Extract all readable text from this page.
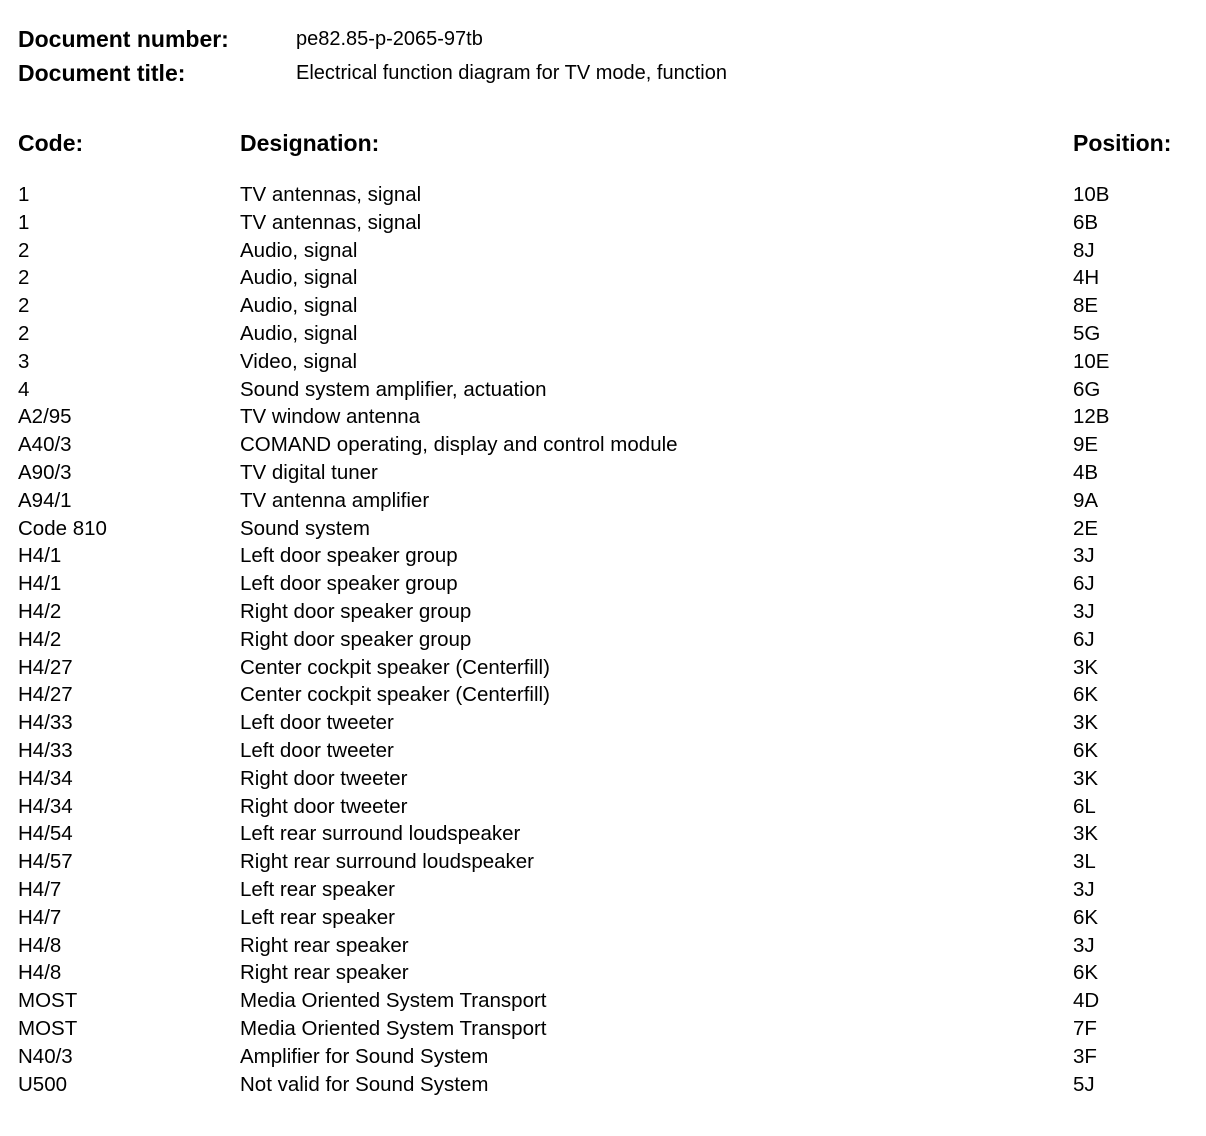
Document number:	pe82.85-p-2065-97tb
Document title:	Electrical function diagram for TV mode, function
Code:	Designation:	Position:
1	TV antennas, signal	10B
1	TV antennas, signal	6B
2	Audio, signal	8J
2	Audio, signal	4H
2	Audio, signal	8E
2	Audio, signal	5G
3	Video, signal	10E
4	Sound system amplifier, actuation	6G
A2/95	TV window antenna	12B
A40/3	COMAND operating, display and control module	9E
A90/3	TV digital tuner	4B
A94/1	TV antenna amplifier	9A
Code 810	Sound system	2E
H4/1	Left door speaker group	3J
H4/1	Left door speaker group	6J
H4/2	Right door speaker group	3J
H4/2	Right door speaker group	6J
H4/27	Center cockpit speaker (Centerfill)	3K
H4/27	Center cockpit speaker (Centerfill)	6K
H4/33	Left door tweeter	3K
H4/33	Left door tweeter	6K
H4/34	Right door tweeter	3K
H4/34	Right door tweeter	6L
H4/54	Left rear surround loudspeaker	3K
H4/57	Right rear surround loudspeaker	3L
H4/7	Left rear speaker	3J
H4/7	Left rear speaker	6K
H4/8	Right rear speaker	3J
H4/8	Right rear speaker	6K
MOST	Media Oriented System Transport	4D
MOST	Media Oriented System Transport	7F
N40/3	Amplifier for Sound System	3F
U500	Not valid for Sound System	5J
